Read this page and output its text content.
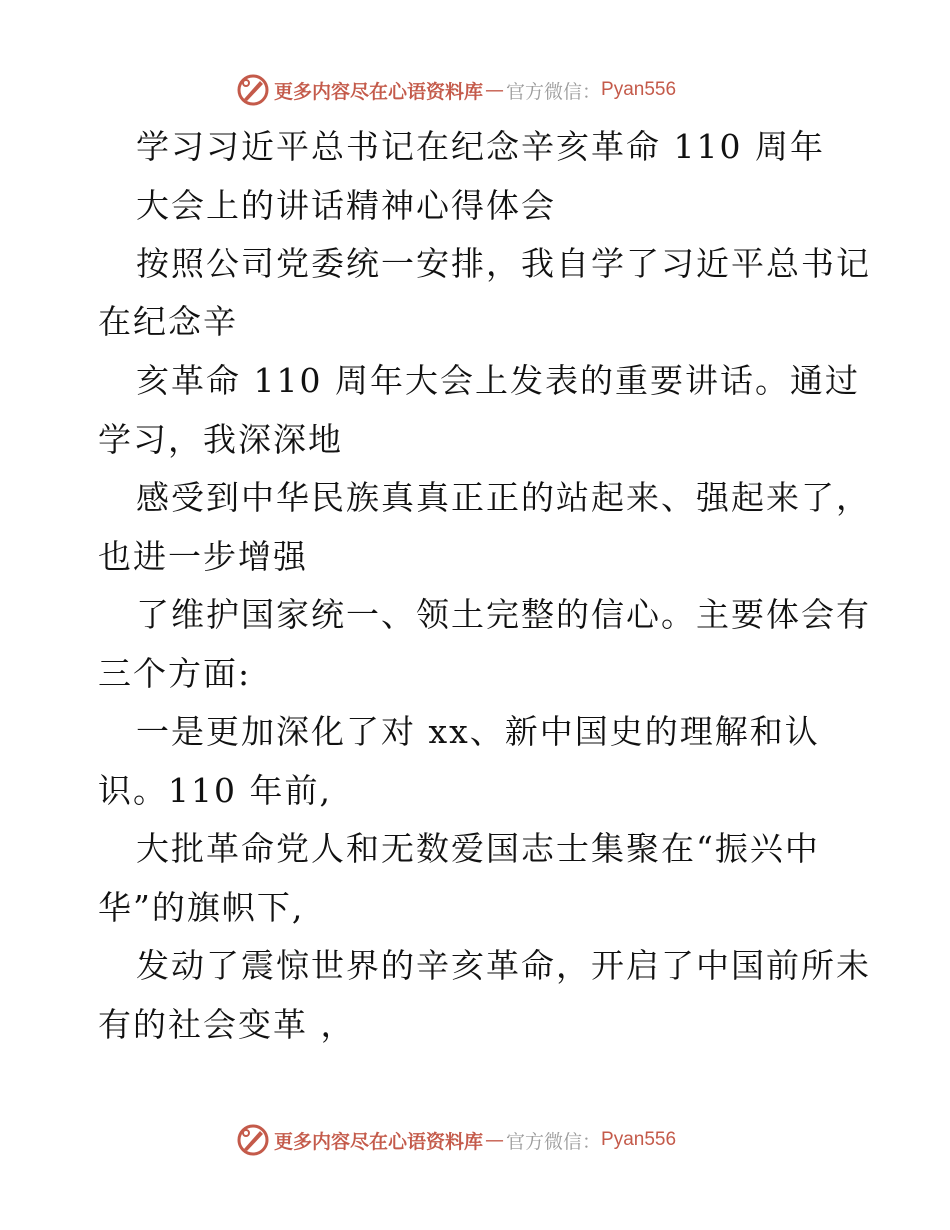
更多内容尽在心语资料库 — 官方微信： Pyan556
学习习近平总书记在纪念辛亥革命 110 周年
大会上的讲话精神心得体会
按照公司党委统一安排，我自学了习近平总书记
在纪念辛
亥革命 110 周年大会上发表的重要讲话。通过
学习，我深深地
感受到中华民族真真正正的站起来、强起来了，
也进一步增强
了维护国家统一、领土完整的信心。主要体会有
三个方面:
一是更加深化了对 xx、新中国史的理解和认
识。110 年前,
大批革命党人和无数爱国志士集聚在“振兴中
华”的旗帜下,
发动了震惊世界的辛亥革命，开启了中国前所未
有的社会变革 ，
更多内容尽在心语资料库 — 官方微信： Pyan556
